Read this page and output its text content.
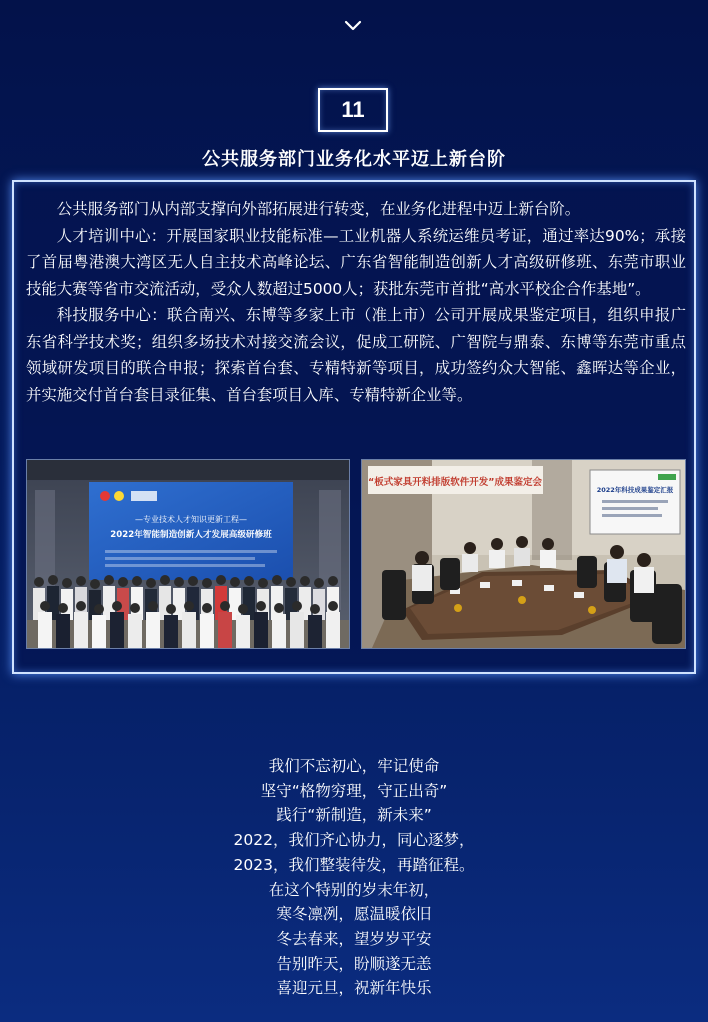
11
公共服务部门业务化水平迈上新台阶

公共服务部门从内部支撑向外部拓展进行转变，在业务化进程中迈上新台阶。

人才培训中心：开展国家职业技能标准—工业机器人系统运维员考证，通过率达90%；承接了首届粤港澳大湾区无人自主技术高峰论坛、广东省智能制造创新人才高级研修班、东莞市职业技能大赛等省市交流活动，受众人数超过5000人；获批东莞市首批“高水平校企合作基地”。

科技服务中心：联合南兴、东博等多家上市（准上市）公司开展成果鉴定项目，组织申报广东省科学技术奖；组织多场技术对接交流会议，促成工研院、广智院与鼎泰、东博等东莞市重点领域研发项目的联合申报；探索首台套、专精特新等项目，成功签约众大智能、鑫晖达等企业，并实施交付首台套目录征集、首台套项目入库、专精特新企业等。

—专业技术人才知识更新工程—
2022年智能制造创新人才发展高级研修班
“板式家具开料排版软件开发”成果鉴定会
2022年科技成果鉴定汇报
我们不忘初心，牢记使命
坚守“格物穷理，守正出奇”
践行“新制造，新未来”
2022，我们齐心协力，同心逐梦，
2023，我们整装待发，再踏征程。
在这个特别的岁末年初，
寒冬凛冽，愿温暖依旧
冬去春来，望岁岁平安
告别昨天，盼顺遂无恙
喜迎元旦，祝新年快乐
